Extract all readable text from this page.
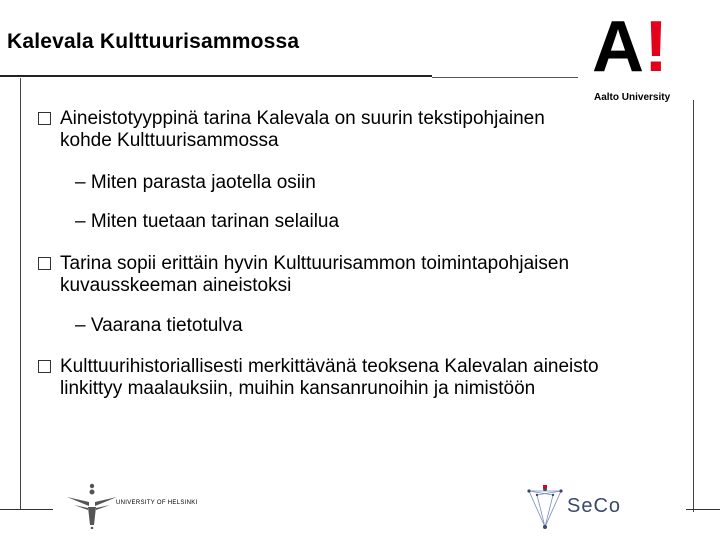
Kalevala Kulttuurisammossa	A!
Aalto University
Aineistotyyppinä tarina Kalevala on suurin tekstipohjainen
kohde Kulttuurisammossa
– Miten parasta jaotella osiin
– Miten tuetaan tarinan selailua
Tarina sopii erittäin hyvin Kulttuurisammon toimintapohjaisen
kuvausskeeman aineistoksi
– Vaarana tietotulva
Kulttuurihistoriallisesti merkittävänä teoksena Kalevalan aineisto
linkittyy maalauksiin, muihin kansanrunoihin ja nimistöön
UNIVERSITY OF HELSINKI	SeCo
